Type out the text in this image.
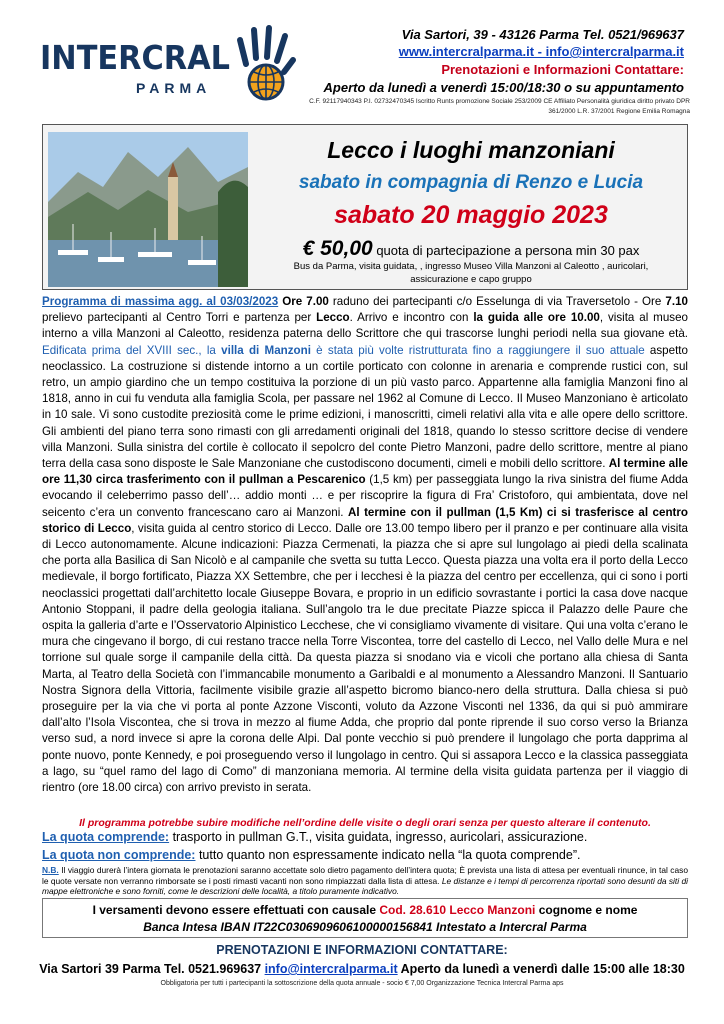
INTERCRAL
PARMA
Via Sartori, 39 - 43126 Parma Tel. 0521/969637
www.intercralparma.it - info@intercralparma.it
Prenotazioni e Informazioni Contattare:
Aperto da lunedì a venerdì 15:00/18:30 o su appuntamento
C.F. 92117940343 P.I. 02732470345 Iscritto Runts promozione Sociale 253/2009 CE Affiliato Personalità giuridica diritto privato DPR 361/2000 L.R. 37/2001 Regione Emilia Romagna
Lecco i luoghi manzoniani
sabato in compagnia di Renzo e Lucia
sabato 20 maggio 2023
€ 50,00 quota di partecipazione a persona min 30 pax
Bus da Parma, visita guidata, , ingresso Museo Villa Manzoni al Caleotto , auricolari,
assicurazione e capo gruppo
Programma di massima agg. al 03/03/2023 Ore 7.00 raduno dei partecipanti c/o Esselunga di via Traversetolo - Ore 7.10 prelievo partecipanti al Centro Torri e partenza per Lecco. Arrivo e incontro con la guida alle ore 10.00, visita al museo interno a villa Manzoni al Caleotto, residenza paterna dello Scrittore che qui trascorse lunghi periodi nella sua giovane età. Edificata prima del XVIII sec., la villa di Manzoni è stata più volte ristrutturata fino a raggiungere il suo attuale aspetto neoclassico. La costruzione si distende intorno a un cortile porticato con colonne in arenaria e comprende rustici con, sul retro, un ampio giardino che un tempo costituiva la porzione di un più vasto parco. Appartenne alla famiglia Manzoni fino al 1818, anno in cui fu venduta alla famiglia Scola, per passare nel 1962 al Comune di Lecco. Il Museo Manzoniano è articolato in 10 sale. Vi sono custodite preziosità come le prime edizioni, i manoscritti, cimeli relativi alla vita e alle opere dello scrittore. Gli ambienti del piano terra sono rimasti con gli arredamenti originali del 1818, quando lo stesso scrittore decise di vendere villa Manzoni. Sulla sinistra del cortile è collocato il sepolcro del conte Pietro Manzoni, padre dello scrittore, mentre al piano terra della casa sono disposte le Sale Manzoniane che custodiscono documenti, cimeli e mobili dello scrittore. Al termine alle ore 11,30 circa trasferimento con il pullman a Pescarenico (1,5 km) per passeggiata lungo la riva sinistra del fiume Adda evocando il celeberrimo passo dell’… addio monti … e per riscoprire la figura di Fra’ Cristoforo, qui ambientata, dove nel seicento c’era un convento francescano caro ai Manzoni. Al termine con il pullman (1,5 Km) ci si trasferisce al centro storico di Lecco, visita guida al centro storico di Lecco. Dalle ore 13.00 tempo libero per il pranzo e per continuare alla visita di Lecco autonomamente. Alcune indicazioni: Piazza Cermenati, la piazza che si apre sul lungolago ai piedi della scalinata che porta alla Basilica di San Nicolò e al campanile che svetta su tutta Lecco. Questa piazza una volta era il porto della Lecco medievale, il borgo fortificato, Piazza XX Settembre, che per i lecchesi è la piazza del centro per eccellenza, qui ci sono i porti neoclassici progettati dall’architetto locale Giuseppe Bovara, e proprio in un edificio sovrastante i portici la casa dove nacque Antonio Stoppani, il padre della geologia italiana. Sull’angolo tra le due precitate Piazze spicca il Palazzo delle Paure che ospita la galleria d’arte e l’Osservatorio Alpinistico Lecchese, che vi consigliamo vivamente di visitare. Qui una volta c’erano le mura che cingevano il borgo, di cui restano tracce nella Torre Viscontea, torre del castello di Lecco, nel Vallo delle Mura e nel torrione sul quale sorge il campanile della città. Da questa piazza si snodano via e vicoli che portano alla chiesa di Santa Marta, al Teatro della Società con l’immancabile monumento a Garibaldi e al monumento a Alessandro Manzoni. Il Santuario Nostra Signora della Vittoria, facilmente visibile grazie all’aspetto bicromo bianco-nero della struttura. Dalla chiesa si può proseguire per la via che vi porta al ponte Azzone Visconti, voluto da Azzone Visconti nel 1336, da qui si può ammirare dall’alto l’Isola Viscontea, che si trova in mezzo al fiume Adda, che proprio dal ponte riprende il suo corso verso la Brianza verso sud, a nord invece si apre la corona delle Alpi. Dal ponte vecchio si può prendere il lungolago che porta dapprima al ponte nuovo, ponte Kennedy, e poi proseguendo verso il lungolago in centro. Qui si assapora Lecco e la classica passeggiata a lago, su “quel ramo del lago di Como” di manzoniana memoria. Al termine della visita guidata partenza per il viaggio di rientro (ore 18.00 circa) con arrivo previsto in serata.
Il programma potrebbe subire modifiche nell’ordine delle visite o degli orari senza per questo alterare il contenuto.
La quota comprende: trasporto in pullman G.T., visita guidata, ingresso, auricolari, assicurazione.
La quota non comprende: tutto quanto non espressamente indicato nella “la quota comprende”.
N.B. Il viaggio durerà l’intera giornata le prenotazioni saranno accettate solo dietro pagamento dell’intera quota; È prevista una lista di attesa per eventuali rinunce, in tal caso le quote versate non verranno rimborsate se i posti rimasti vacanti non sono rimpiazzati dalla lista di attesa. Le distanze e i tempi di percorrenza riportati sono desunti da siti di mappe elettroniche e sono forniti, come le descrizioni delle località, a titolo puramente indicativo.
I versamenti devono essere effettuati con causale Cod. 28.610 Lecco Manzoni cognome e nome
Banca Intesa IBAN IT22C0306909606100000156841 Intestato a Intercral Parma
PRENOTAZIONI E INFORMAZIONI CONTATTARE:
Via Sartori 39 Parma Tel. 0521.969637 info@intercralparma.it Aperto da lunedì a venerdì dalle 15:00 alle 18:30
Obbligatoria per tutti i partecipanti la sottoscrizione della quota annuale - socio € 7,00 Organizzazione Tecnica Intercral Parma aps
